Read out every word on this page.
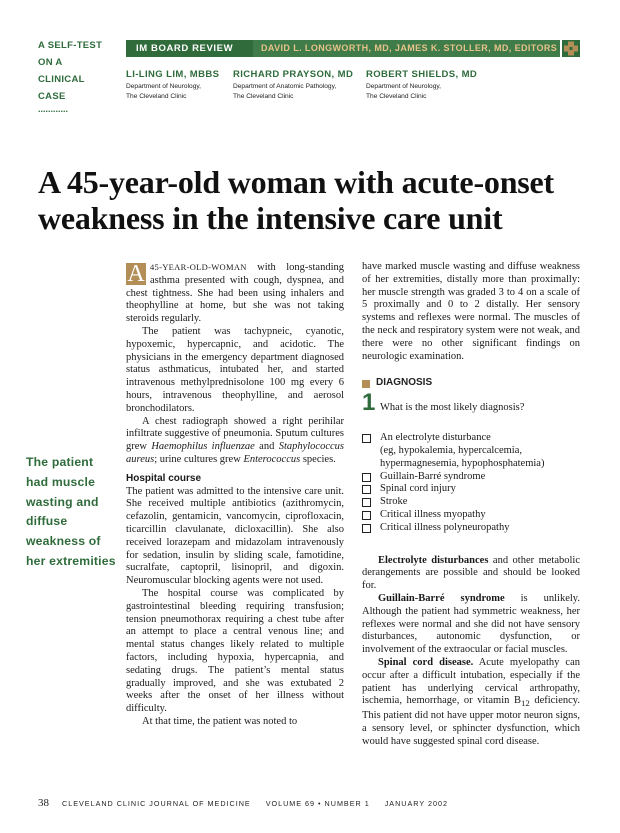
A SELF-TEST
ON A
CLINICAL
CASE
............
IM BOARD REVIEW	DAVID L. LONGWORTH, MD, JAMES K. STOLLER, MD, EDITORS
LI-LING LIM, MBBS
Department of Neurology,
The Cleveland Clinic
RICHARD PRAYSON, MD
Department of Anatomic Pathology,
The Cleveland Clinic
ROBERT SHIELDS, MD
Department of Neurology,
The Cleveland Clinic
A 45-year-old woman with acute-onset weakness in the intensive care unit
The patient had muscle wasting and diffuse weakness of her extremities

A 45-YEAR-OLD-WOMAN with long-standing asthma presented with cough, dyspnea, and chest tightness. She had been using inhalers and theophylline at home, but she was not taking steroids regularly.

The patient was tachypneic, cyanotic, hypoxemic, hypercapnic, and acidotic. The physicians in the emergency department diagnosed status asthmaticus, intubated her, and started intravenous methylprednisolone 100 mg every 6 hours, intravenous theophylline, and aerosol bronchodilators.

A chest radiograph showed a right perihilar infiltrate suggestive of pneumonia. Sputum cultures grew Haemophilus influenzae and Staphylococcus aureus; urine cultures grew Enterococcus species.

Hospital course

The patient was admitted to the intensive care unit. She received multiple antibiotics (azithromycin, cefazolin, gentamicin, vancomycin, ciprofloxacin, ticarcillin clavulanate, dicloxacillin). She also received lorazepam and midazolam intravenously for sedation, insulin by sliding scale, famotidine, sucralfate, captopril, lisinopril, and digoxin. Neuromuscular blocking agents were not used.

The hospital course was complicated by gastrointestinal bleeding requiring transfusion; tension pneumothorax requiring a chest tube after an attempt to place a central venous line; and mental status changes likely related to multiple factors, including hypoxia, hypercapnia, and sedating drugs. The patient’s mental status gradually improved, and she was extubated 2 weeks after the onset of her illness without difficulty.

At that time, the patient was noted to

have marked muscle wasting and diffuse weakness of her extremities, distally more than proximally: her muscle strength was graded 3 to 4 on a scale of 5 proximally and 0 to 2 distally. Her sensory systems and reflexes were normal. The muscles of the neck and respiratory system were not weak, and there were no other significant findings on neurologic examination.

DIAGNOSIS
1 What is the most likely diagnosis?
An electrolyte disturbance
(eg, hypokalemia, hypercalcemia, hypermagnesemia, hypophosphatemia)
Guillain-Barré syndrome
Spinal cord injury
Stroke
Critical illness myopathy
Critical illness polyneuropathy

Electrolyte disturbances and other metabolic derangements are possible and should be looked for.

Guillain-Barré syndrome is unlikely. Although the patient had symmetric weakness, her reflexes were normal and she did not have sensory disturbances, autonomic dysfunction, or involvement of the extraocular or facial muscles.

Spinal cord disease. Acute myelopathy can occur after a difficult intubation, especially if the patient has underlying cervical arthropathy, ischemia, hemorrhage, or vitamin $B_{12}$ deficiency. This patient did not have upper motor neuron signs, a sensory level, or sphincter dysfunction, which would have suggested spinal cord disease.

38 CLEVELAND CLINIC JOURNAL OF MEDICINE VOLUME 69 • NUMBER 1 JANUARY 2002
